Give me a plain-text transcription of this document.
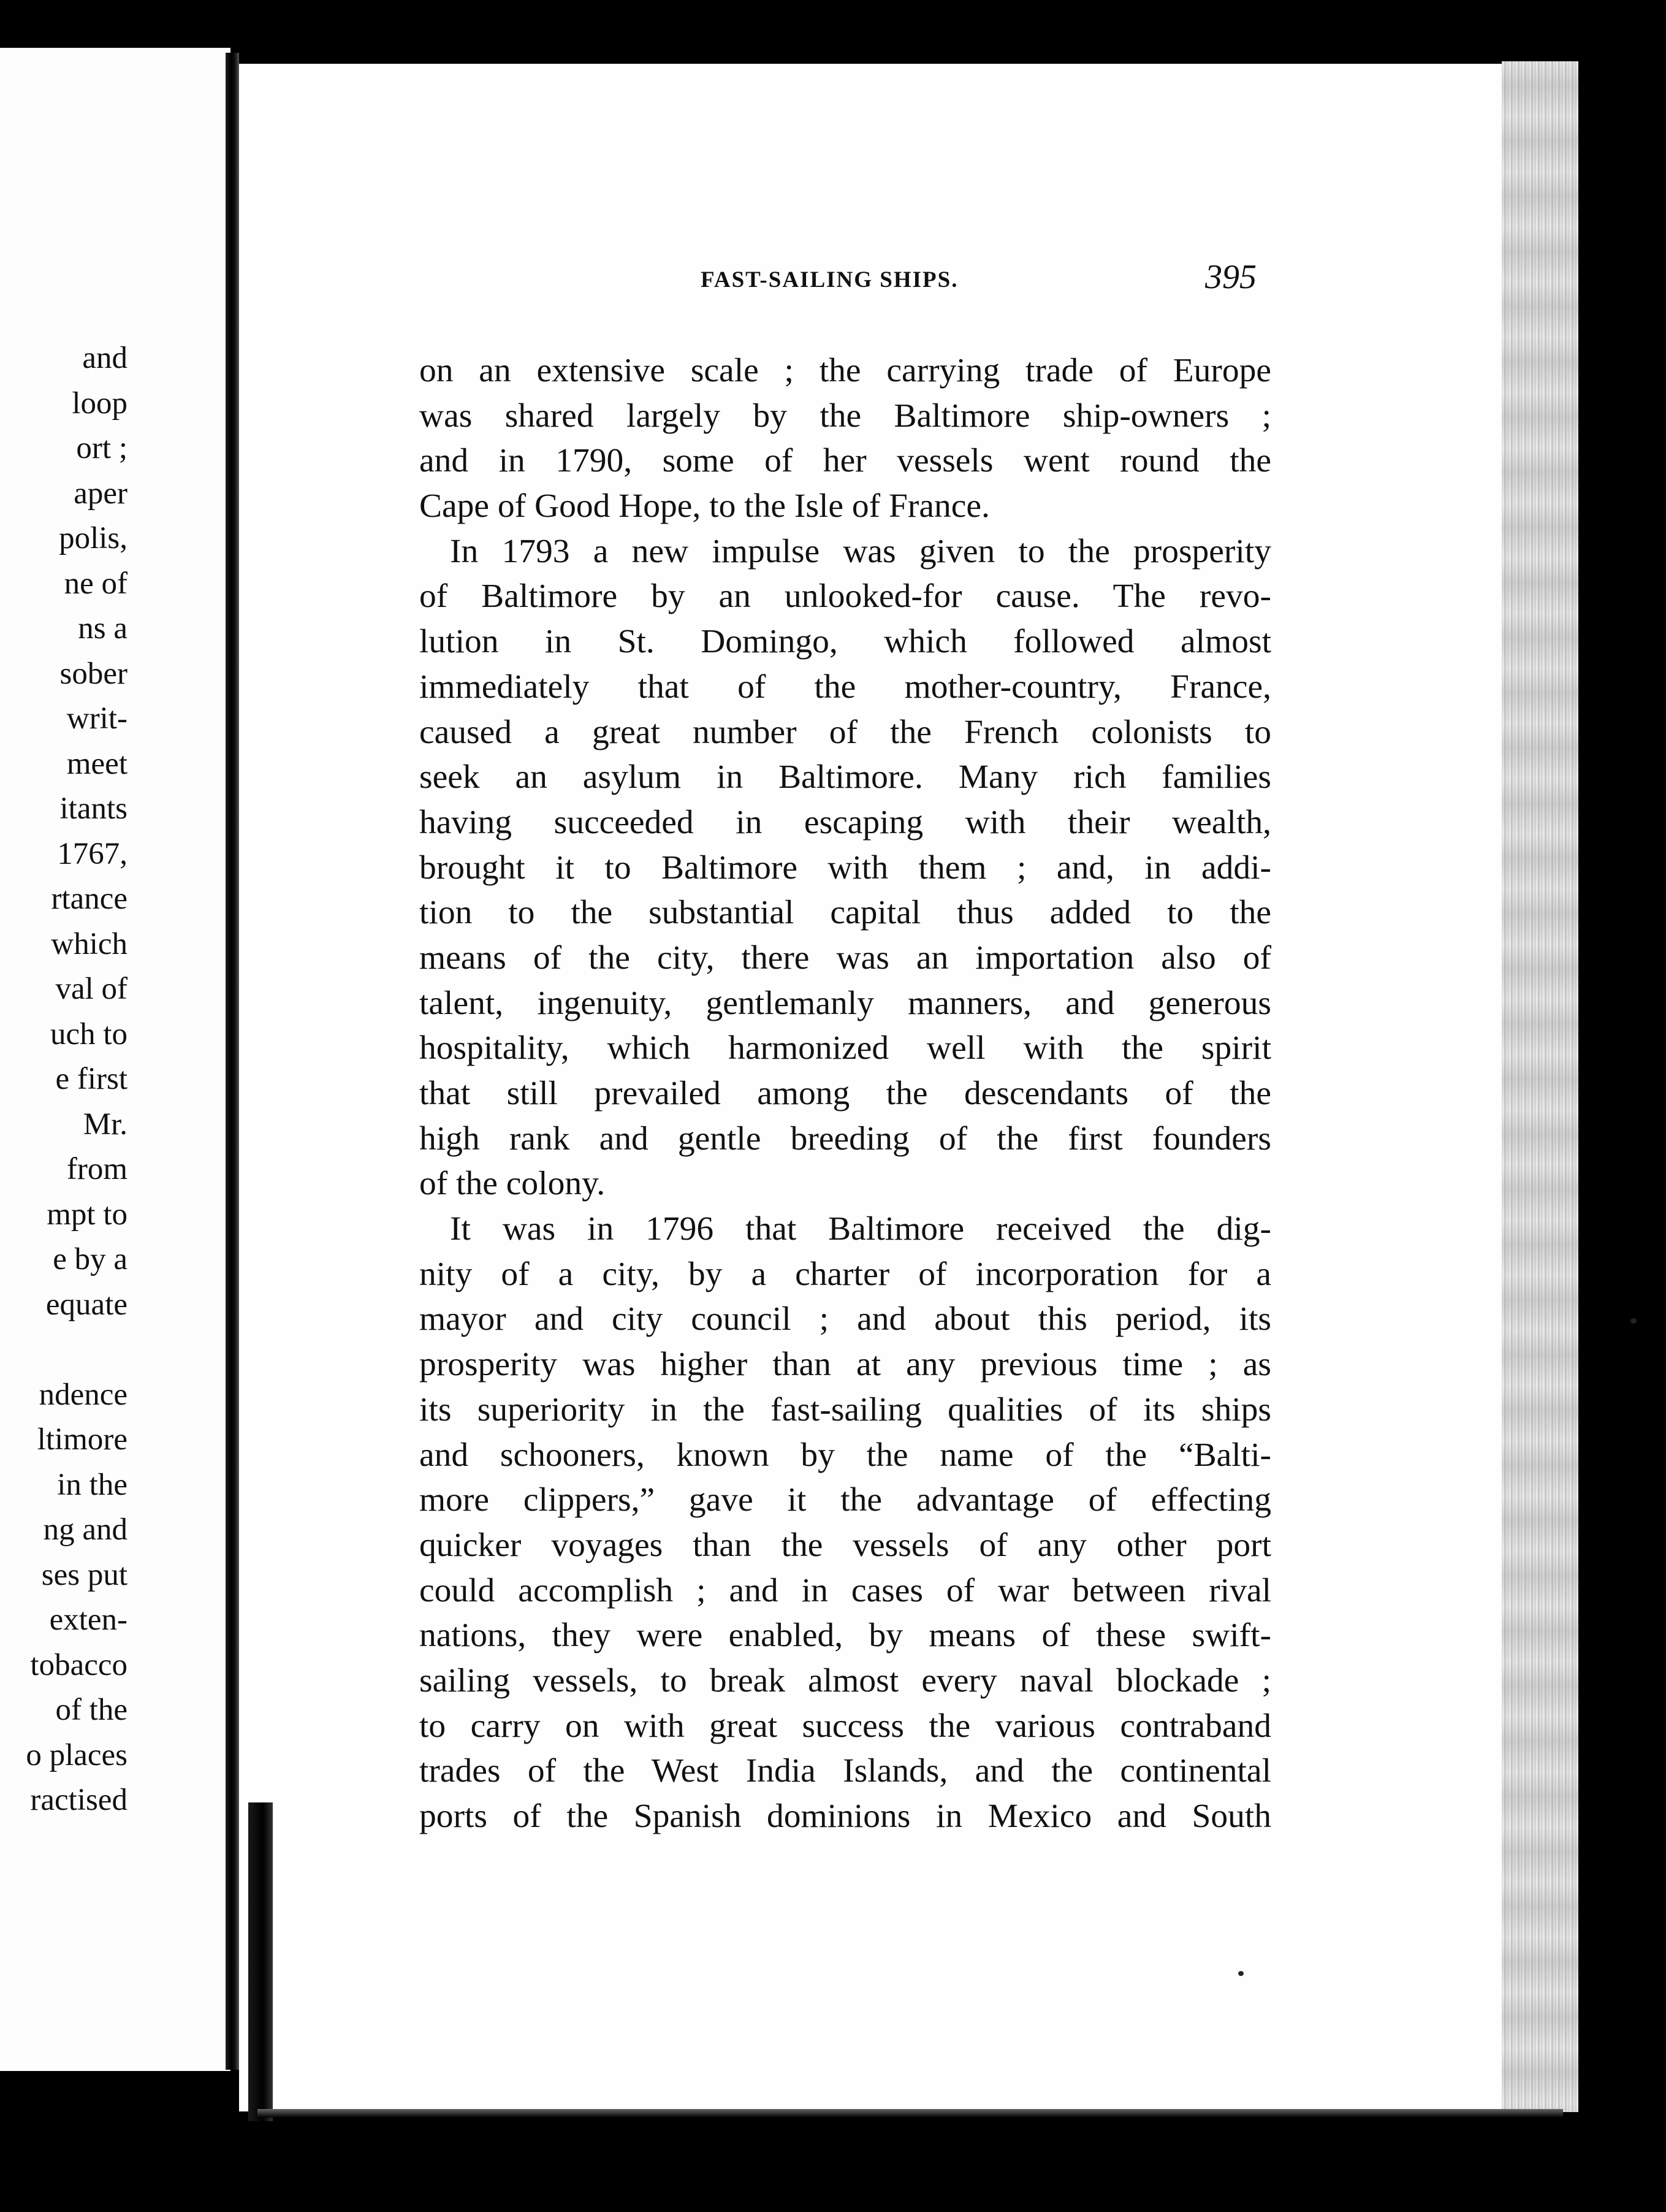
and
loop
ort ;
aper
polis,
ne of
ns a
sober
writ-
meet
itants
1767,
rtance
which
val of
uch to
e first
Mr.
from
mpt to
e by a
equate
ndence
ltimore
in the
ng and
ses put
exten-
tobacco
of the
o places
ractised
FAST-SAILING SHIPS.	395
on an extensive scale ; the carrying trade of Europe
was shared largely by the Baltimore ship-owners ;
and in 1790, some of her vessels went round the
Cape of Good Hope, to the Isle of France.
In 1793 a new impulse was given to the prosperity
of Baltimore by an unlooked-for cause. The revo-
lution in St. Domingo, which followed almost
immediately that of the mother-country, France,
caused a great number of the French colonists to
seek an asylum in Baltimore. Many rich families
having succeeded in escaping with their wealth,
brought it to Baltimore with them ; and, in addi-
tion to the substantial capital thus added to the
means of the city, there was an importation also of
talent, ingenuity, gentlemanly manners, and generous
hospitality, which harmonized well with the spirit
that still prevailed among the descendants of the
high rank and gentle breeding of the first founders
of the colony.
It was in 1796 that Baltimore received the dig-
nity of a city, by a charter of incorporation for a
mayor and city council ; and about this period, its
prosperity was higher than at any previous time ; as
its superiority in the fast-sailing qualities of its ships
and schooners, known by the name of the “Balti-
more clippers,” gave it the advantage of effecting
quicker voyages than the vessels of any other port
could accomplish ; and in cases of war between rival
nations, they were enabled, by means of these swift-
sailing vessels, to break almost every naval blockade ;
to carry on with great success the various contraband
trades of the West India Islands, and the continental
ports of the Spanish dominions in Mexico and South
